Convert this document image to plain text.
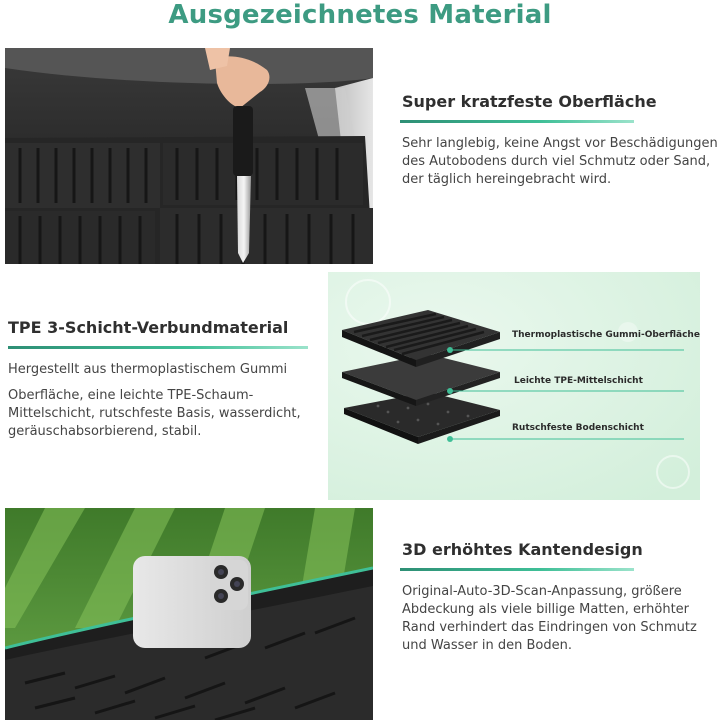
Ausgezeichnetes Material
Super kratzfeste Oberfläche

Sehr langlebig, keine Angst vor Beschädigungen des Autobodens durch viel Schmutz oder Sand, der täglich hereingebracht wird.

TPE 3-Schicht-Verbundmaterial

Hergestellt aus thermoplastischem Gummi

Oberfläche, eine leichte TPE-Schaum-Mittelschicht, rutschfeste Basis, wasserdicht, geräuschabsorbierend, stabil.

Thermoplastische Gummi-Oberfläche
Leichte TPE-Mittelschicht
Rutschfeste Bodenschicht
3D erhöhtes Kantendesign

Original-Auto-3D-Scan-Anpassung, größere Abdeckung als viele billige Matten, erhöhter Rand verhindert das Eindringen von Schmutz und Wasser in den Boden.
